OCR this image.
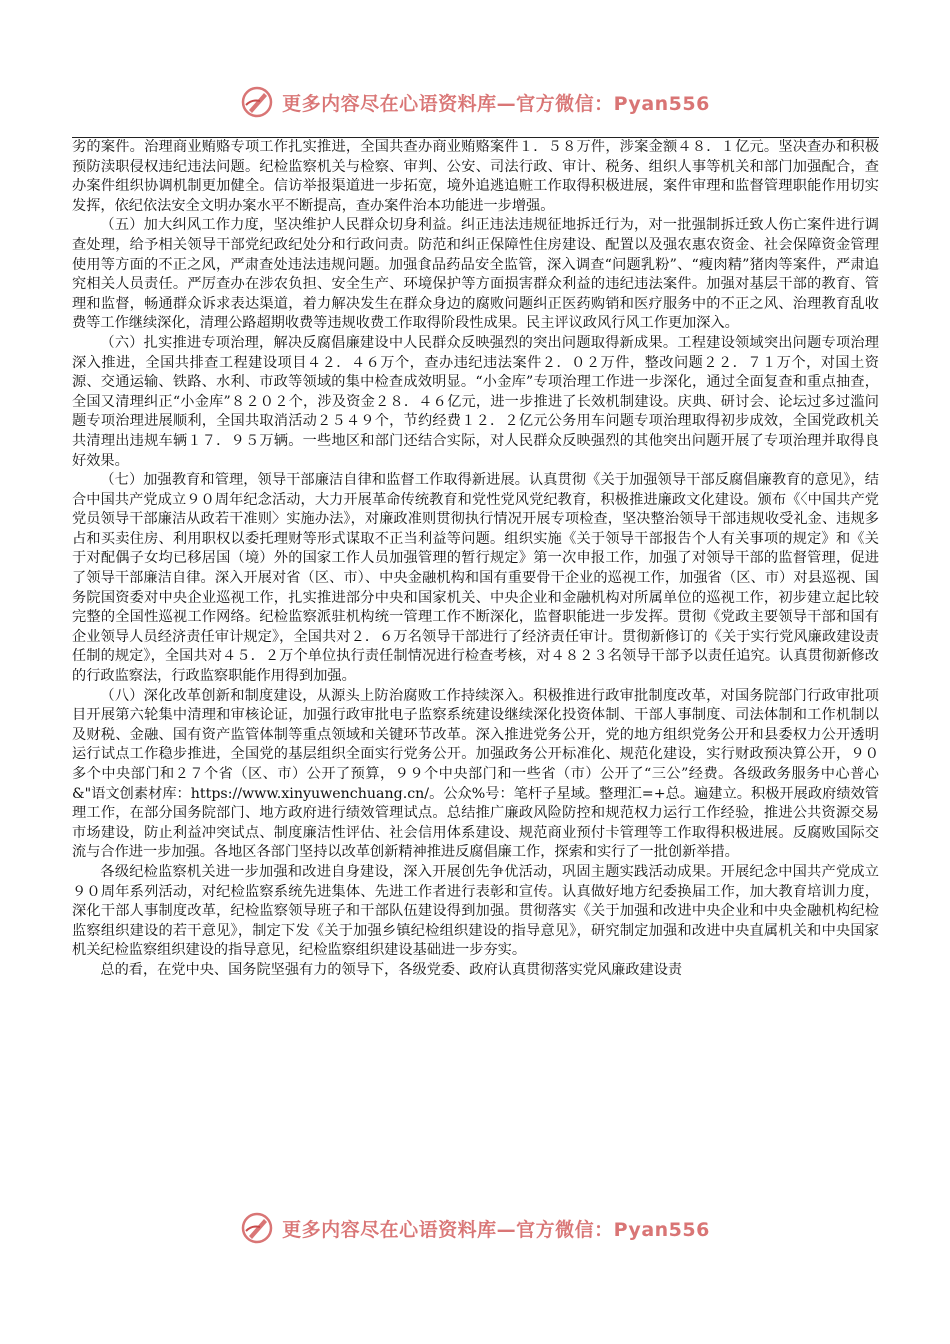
更多内容尽在心语资料库—官方微信：Pyan556

劣的案件。治理商业贿赂专项工作扎实推进，全国共查办商业贿赂案件１．５８万件，涉案金额４８．１亿元。坚决查办和积极预防渎职侵权违纪违法问题。纪检监察机关与检察、审判、公安、司法行政、审计、税务、组织人事等机关和部门加强配合，查办案件组织协调机制更加健全。信访举报渠道进一步拓宽，境外追逃追赃工作取得积极进展，案件审理和监督管理职能作用切实发挥，依纪依法安全文明办案水平不断提高，查办案件治本功能进一步增强。

（五）加大纠风工作力度，坚决维护人民群众切身利益。纠正违法违规征地拆迁行为，对一批强制拆迁致人伤亡案件进行调查处理，给予相关领导干部党纪政纪处分和行政问责。防范和纠正保障性住房建设、配置以及强农惠农资金、社会保障资金管理使用等方面的不正之风，严肃查处违法违规问题。加强食品药品安全监管，深入调查“问题乳粉”、“瘦肉精”猪肉等案件，严肃追究相关人员责任。严厉查办在涉农负担、安全生产、环境保护等方面损害群众利益的违纪违法案件。加强对基层干部的教育、管理和监督，畅通群众诉求表达渠道，着力解决发生在群众身边的腐败问题纠正医药购销和医疗服务中的不正之风、治理教育乱收费等工作继续深化，清理公路超期收费等违规收费工作取得阶段性成果。民主评议政风行风工作更加深入。

（六）扎实推进专项治理，解决反腐倡廉建设中人民群众反映强烈的突出问题取得新成果。工程建设领域突出问题专项治理深入推进，全国共排查工程建设项目４２．４６万个，查办违纪违法案件２．０２万件，整改问题２２．７１万个，对国土资源、交通运输、铁路、水利、市政等领域的集中检查成效明显。“小金库”专项治理工作进一步深化，通过全面复查和重点抽查，全国又清理纠正“小金库”８２０２个，涉及资金２８．４６亿元，进一步推进了长效机制建设。庆典、研讨会、论坛过多过滥问题专项治理进展顺利，全国共取消活动２５４９个，节约经费１２．２亿元公务用车问题专项治理取得初步成效，全国党政机关共清理出违规车辆１７．９５万辆。一些地区和部门还结合实际，对人民群众反映强烈的其他突出问题开展了专项治理并取得良好效果。

（七）加强教育和管理，领导干部廉洁自律和监督工作取得新进展。认真贯彻《关于加强领导干部反腐倡廉教育的意见》，结合中国共产党成立９０周年纪念活动，大力开展革命传统教育和党性党风党纪教育，积极推进廉政文化建设。颁布《〈中国共产党党员领导干部廉洁从政若干准则〉实施办法》，对廉政准则贯彻执行情况开展专项检查，坚决整治领导干部违规收受礼金、违规多占和买卖住房、利用职权以委托理财等形式谋取不正当利益等问题。组织实施《关于领导干部报告个人有关事项的规定》和《关于对配偶子女均已移居国（境）外的国家工作人员加强管理的暂行规定》第一次申报工作，加强了对领导干部的监督管理，促进了领导干部廉洁自律。深入开展对省（区、市）、中央金融机构和国有重要骨干企业的巡视工作，加强省（区、市）对县巡视、国务院国资委对中央企业巡视工作，扎实推进部分中央和国家机关、中央企业和金融机构对所属单位的巡视工作，初步建立起比较完整的全国性巡视工作网络。纪检监察派驻机构统一管理工作不断深化，监督职能进一步发挥。贯彻《党政主要领导干部和国有企业领导人员经济责任审计规定》，全国共对２．６万名领导干部进行了经济责任审计。贯彻新修订的《关于实行党风廉政建设责任制的规定》，全国共对４５．２万个单位执行责任制情况进行检查考核，对４８２３名领导干部予以责任追究。认真贯彻新修改的行政监察法，行政监察职能作用得到加强。

（八）深化改革创新和制度建设，从源头上防治腐败工作持续深入。积极推进行政审批制度改革，对国务院部门行政审批项目开展第六轮集中清理和审核论证，加强行政审批电子监察系统建设继续深化投资体制、干部人事制度、司法体制和工作机制以及财税、金融、国有资产监管体制等重点领域和关键环节改革。深入推进党务公开，党的地方组织党务公开和县委权力公开透明运行试点工作稳步推进，全国党的基层组织全面实行党务公开。加强政务公开标准化、规范化建设，实行财政预决算公开，９０多个中央部门和２７个省（区、市）公开了预算，９９个中央部门和一些省（市）公开了“三公”经费。各级政务服务中心普心&"语文创素材库：https://www.xinyuwenchuang.cn/。公众%号：笔杆子星域。整理汇=+总。遍建立。积极开展政府绩效管理工作，在部分国务院部门、地方政府进行绩效管理试点。总结推广廉政风险防控和规范权力运行工作经验，推进公共资源交易市场建设，防止利益冲突试点、制度廉洁性评估、社会信用体系建设、规范商业预付卡管理等工作取得积极进展。反腐败国际交流与合作进一步加强。各地区各部门坚持以改革创新精神推进反腐倡廉工作，探索和实行了一批创新举措。

各级纪检监察机关进一步加强和改进自身建设，深入开展创先争优活动，巩固主题实践活动成果。开展纪念中国共产党成立９０周年系列活动，对纪检监察系统先进集体、先进工作者进行表彰和宣传。认真做好地方纪委换届工作，加大教育培训力度，深化干部人事制度改革，纪检监察领导班子和干部队伍建设得到加强。贯彻落实《关于加强和改进中央企业和中央金融机构纪检监察组织建设的若干意见》，制定下发《关于加强乡镇纪检组织建设的指导意见》，研究制定加强和改进中央直属机关和中央国家机关纪检监察组织建设的指导意见，纪检监察组织建设基础进一步夯实。

总的看，在党中央、国务院坚强有力的领导下，各级党委、政府认真贯彻落实党风廉政建设责

更多内容尽在心语资料库—官方微信：Pyan556
